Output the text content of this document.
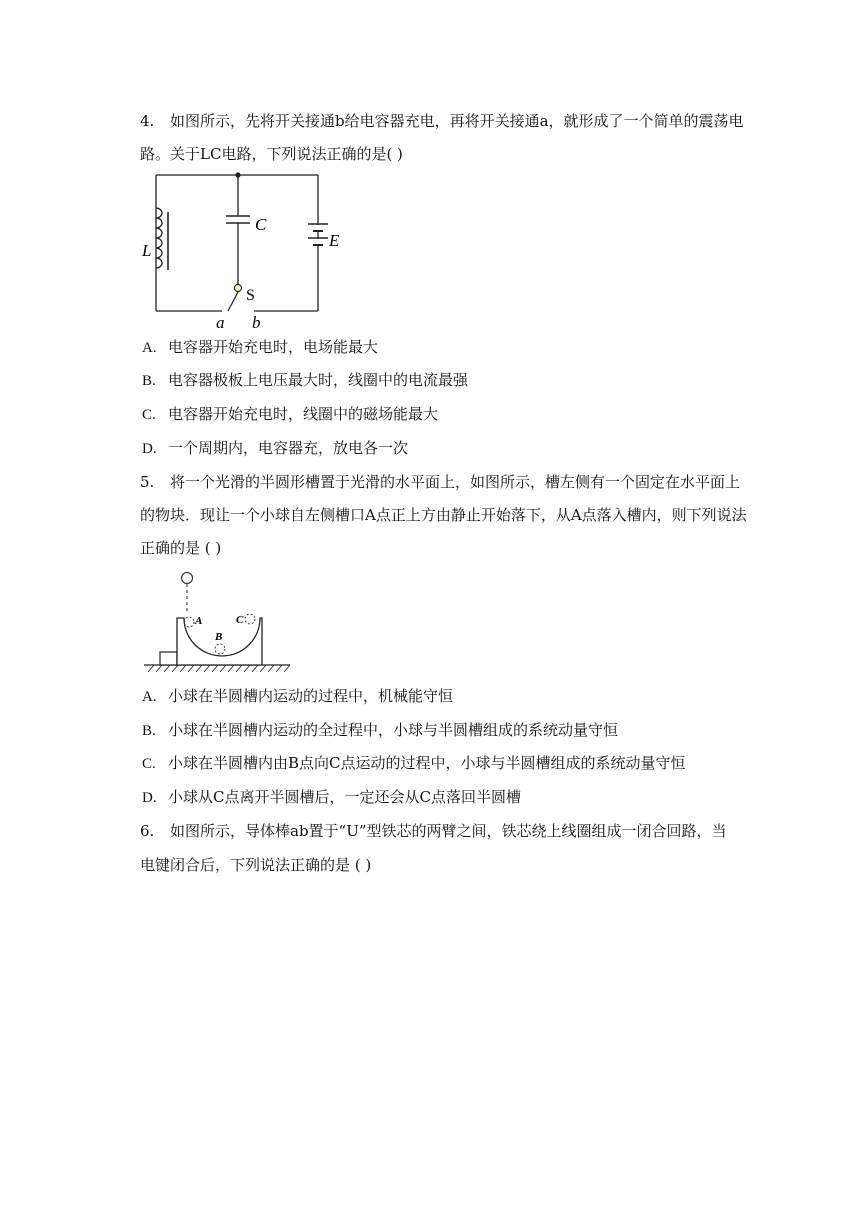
4. 如图所示，先将开关接通b给电容器充电，再将开关接通a，就形成了一个简单的震荡电
路。关于LC电路，下列说法正确的是( )
L
C
E
S
a b
A. 电容器开始充电时，电场能最大
B. 电容器极板上电压最大时，线圈中的电流最强
C. 电容器开始充电时，线圈中的磁场能最大
D. 一个周期内，电容器充，放电各一次
5. 将一个光滑的半圆形槽置于光滑的水平面上，如图所示，槽左侧有一个固定在水平面上
的物块．现让一个小球自左侧槽口A点正上方由静止开始落下，从A点落入槽内，则下列说法
正确的是 ( )
A
B
C
A. 小球在半圆槽内运动的过程中，机械能守恒
B. 小球在半圆槽内运动的全过程中，小球与半圆槽组成的系统动量守恒
C. 小球在半圆槽内由B点向C点运动的过程中，小球与半圆槽组成的系统动量守恒
D. 小球从C点离开半圆槽后，一定还会从C点落回半圆槽
6. 如图所示，导体棒ab置于“U”型铁芯的两臂之间，铁芯绕上线圈组成一闭合回路，当
电键闭合后，下列说法正确的是 ( )
